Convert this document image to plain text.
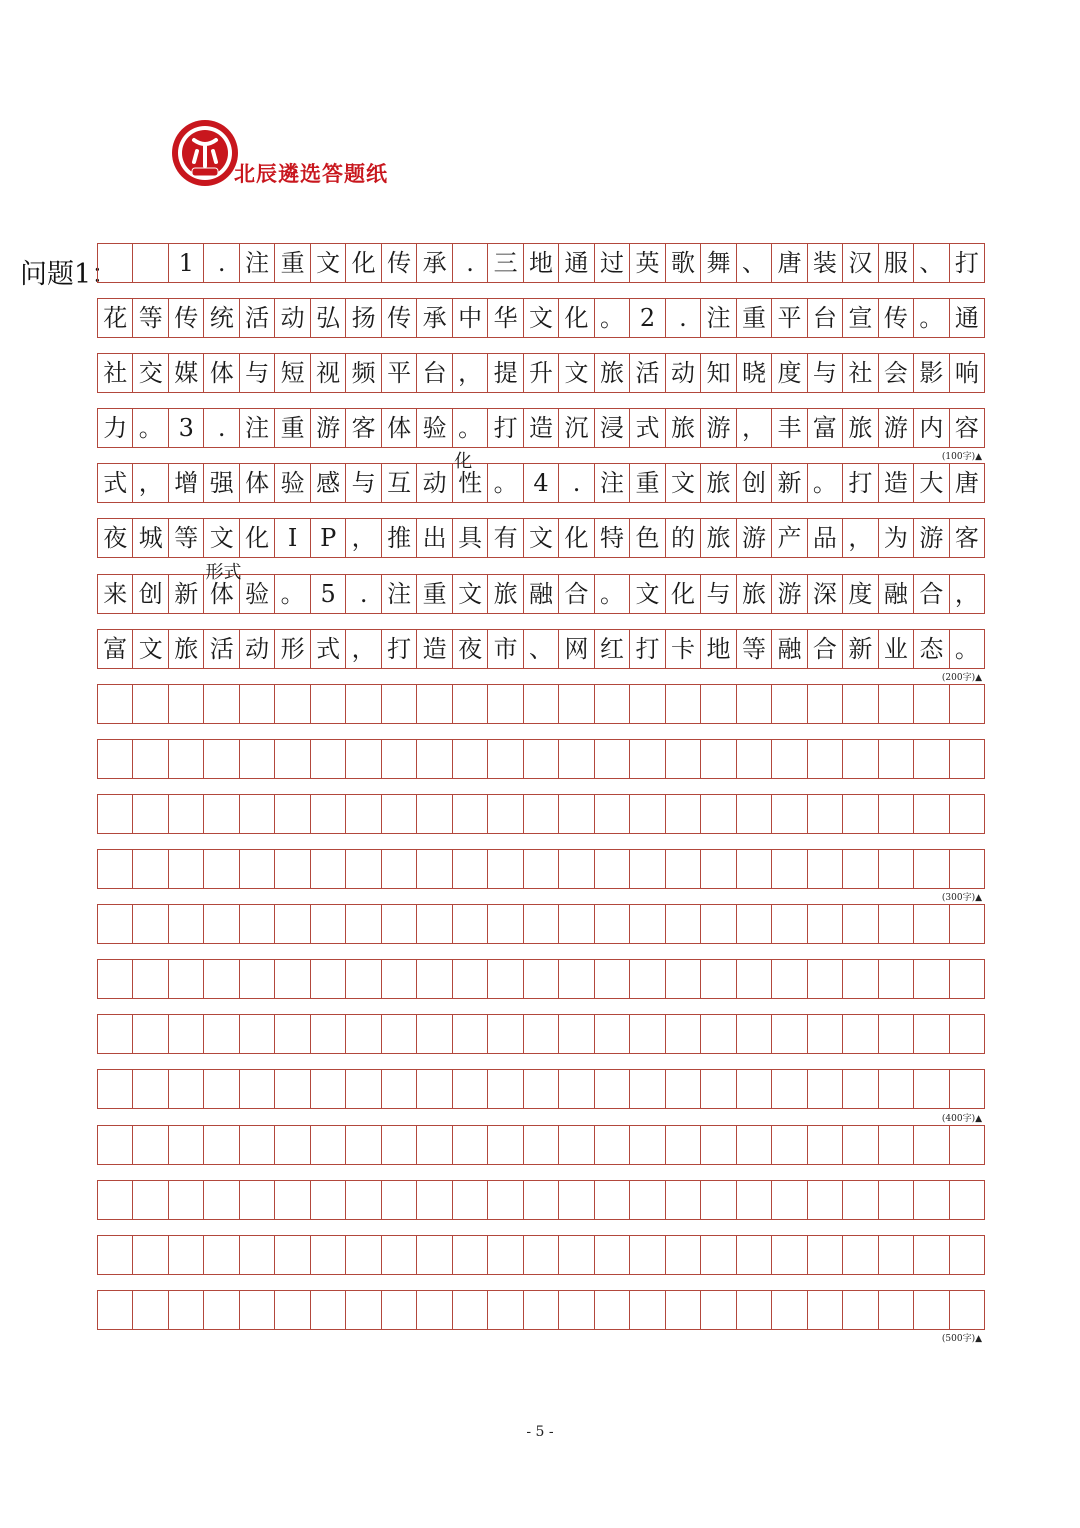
北辰遴选答题纸
问题1：	1	. 注 重 文 化 传 承 . 三 地 通 过 英 歌 舞 、 唐 装 汉 服 、 打
花 等 传 统 活 动 弘 扬 传 承 中 华 文 化 。 2	. 注 重 平 台 宣 传 。 通
社 交 媒 体 与 短 视 频 平 台 ， 提 升 文 旅 活 动 知 晓 度 与 社 会 影 响
力 。 3	. 注 重 游 客 体 验 。 打 造 沉 浸 式 旅 游 ， 丰 富 旅 游 内 容
式 ， 增 强 体 验 感 与 互 动 性 。 4	. 注 重 文 旅 创 新 。 打 造 大 唐
夜 城 等 文 化 I P ， 推 出 具 有 文 化 特 色 的 旅 游 产 品 ， 为 游 客
来 创 新 体 验 。 5	. 注 重 文 旅 融 合 。 文 化 与 旅 游 深 度 融 合 ，
富 文 旅 活 动 形 式 ， 打 造 夜 市 、 网 红 打 卡 地 等 融 合 新 业 态 。
化
形式
- 5 -
(100字)▲
(200字)▲
(300字)▲
(400字)▲
(500字)▲
